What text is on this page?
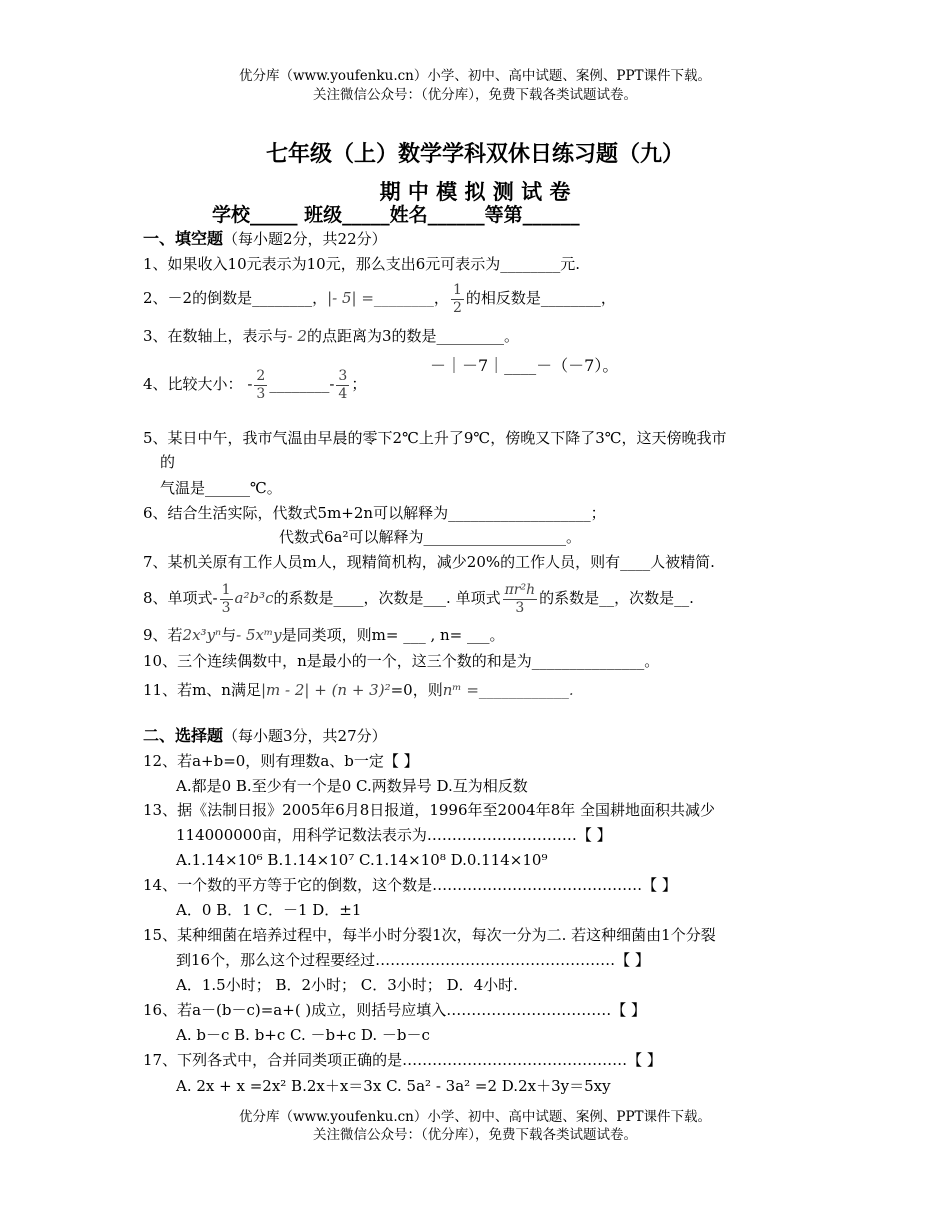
优分库（www.youfenku.cn）小学、初中、高中试题、案例、PPT课件下载。
关注微信公众号：（优分库），免费下载各类试题试卷。
七年级（上）数学学科双休日练习题（九）
期 中 模 拟 测 试 卷
学校_____ 班级_____姓名______等第______
一、填空题（每小题2分，共22分）
1、如果收入10元表示为10元，那么支出6元可表示为________元.
2、－2的倒数是________，|- 5| =________， $\frac{1}{2}$ 的相反数是________，
3、在数轴上，表示与- 2的点距离为3的数是_________。
4、比较大小： - $\frac{2}{3}$ ________- $\frac{3}{4}$ ；
－｜－7｜____－（－7）。
5、某日中午，我市气温由早晨的零下2℃上升了9℃，傍晚又下降了3℃，这天傍晚我市
的
气温是______℃。
6、结合生活实际，代数式5m+2n可以解释为___________________；
代数式6a²可以解释为___________________。
7、某机关原有工作人员m人，现精简机构，减少20%的工作人员，则有____人被精简.
8、单项式- $\frac{1}{3} a^2b^3c$的系数是____，次数是___. 单项式 $\frac{\text{πr²h}}{3}$ 的系数是__，次数是__.
9、若2x³yⁿ与- 5xᵐy是同类项，则m= ___ , n= ___。
10、三个连续偶数中，n是最小的一个，这三个数的和是为_______________。
11、若m、n满足|m - 2| + (n + 3)²=0，则nᵐ =____________.
二、选择题（每小题3分，共27分）
12、若a+b=0，则有理数a、b一定【 】
A.都是0 B.至少有一个是0 C.两数异号 D.互为相反数
13、据《法制日报》2005年6月8日报道，1996年至2004年8年 全国耕地面积共减少
114000000亩，用科学记数法表示为…………………………【 】
A.1.14×10⁶ B.1.14×10⁷ C.1.14×10⁸ D.0.114×10⁹
14、一个数的平方等于它的倒数，这个数是……………………………………【 】
A．0 B．1 C．－1 D．±1
15、某种细菌在培养过程中，每半小时分裂1次，每次一分为二. 若这种细菌由1个分裂
到16个，那么这个过程要经过…………………………………………【 】
A．1.5小时； B．2小时； C．3小时； D．4小时.
16、若a－(b－c)=a+( )成立，则括号应填入……………………………【 】
A. b－c B. b+c C. －b+c D. －b－c
17、下列各式中，合并同类项正确的是………………………………………【 】
A. 2x + x =2x² B.2x＋x＝3x C. 5a² - 3a² =2 D.2x＋3y＝5xy
优分库（www.youfenku.cn）小学、初中、高中试题、案例、PPT课件下载。
关注微信公众号：（优分库），免费下载各类试题试卷。
